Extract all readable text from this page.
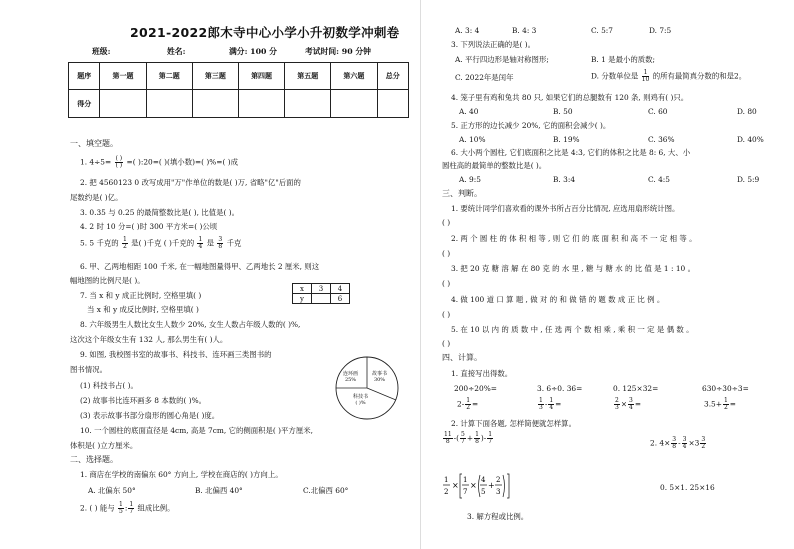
2021-2022郎木寺中心小学小升初数学冲刺卷
班级:	姓名:	满分: 100 分	考试时间: 90 分钟
题序	第一题	第二题	第三题	第四题	第五题	第六题	总分
得分							
一、填空题。
1. $4\div 5= \frac{( )}{( )}$ =( ):20=( )(填小数)=( )%=( )成
2. 把 4560123 0 改写成用"万"作单位的数是( )万, 省略"亿"后面的
尾数约是( )亿。
3. 0.35 与 0.25 的最简整数比是( ), 比值是( )。
4. 2 时 10 分=( )时 300 平方米=( )公顷
5. 5 千克的 $\frac{1}{2}$ 是( )千克 ( )千克的 $\frac{1}{4}$ 是 $\frac{3}{8}$ 千克
6. 甲、乙两地相距 100 千米, 在一幅地图量得甲、乙两地长 2 厘米, 则这
幅地图的比例尺是( )。
7. 当 x 和 y 成正比例时, 空格里填( )
当 x 和 y 成反比例时, 空格里填( )
x	3	4
y		6
8. 六年级男生人数比女生人数少 20%, 女生人数占年级人数的( )%,
这次这个年级女生有 132 人, 那么男生有( )人。
9. 如图, 我校图书室的故事书、科技书、连环画三类图书的
图书情况。
(1) 科技书占( )。
(2) 故事书比连环画多 8 本数的( )%。
(3) 表示故事书部分扇形的圆心角是( )度。
连环画
25%
故事书
30%
科技书
( )%
10. 一个圆柱的底面直径是 4cm, 高是 7cm, 它的侧面积是( )平方厘米,
体积是( )立方厘米。
二、选择题。
1. 商店在学校的南偏东 60° 方向上, 学校在商店的( )方向上。
A. 北偏东 50°	B. 北偏西 40°	C.北偏西 60°
2. ( ) 能与 $\frac{1}{5}$ : $\frac{1}{7}$ 组成比例。
A. 3: 4	B. 4: 3	C. 5:7	D. 7:5
3. 下列说法正确的是( )。
A. 平行四边形是轴对称图形;	B. 1 是最小的质数;
C. 2022年是闰年	D. 分数单位是 $\frac{1}{10}$ 的所有最简真分数的和是2。
4. 笼子里有鸡和兔共 80 只, 如果它们的总腿数有 120 条, 则鸡有( )只。
A. 40	B. 50	C. 60	D. 80
5. 正方形的边长减少 20%, 它的面积会减少( )。
A. 10%	B. 19%	C. 36%	D. 40%
6. 大小两个圆柱, 它们底面积之比是 4:3, 它们的体积之比是 8: 6, 大、小
圆柱高的最简单的整数比是( )。
A. 9:5	B. 3:4	C. 4:5	D. 5:9
三、判断。
1. 要统计同学们喜欢看的课外书所占百分比情况, 应选用扇形统计图。
( )
2. 两 个 圆 柱 的 体 积 相 等 , 则 它 们 的 底 面 积 和 高 不 一 定 相 等 。
( )
3. 把 20 克 糖 溶 解 在 80 克 的 水 里 , 糖 与 糖 水 的 比 值 是 1 : 10 。
( )
4. 做 100 道 口 算 题 , 做 对 的 和 做 错 的 题 数 成 正 比 例 。
( )
5. 在 10 以 内 的 质 数 中 , 任 选 两 个 数 相 乘 , 乘 积 一 定 是 偶 数 。
( )
四、计算。
1. 直接写出得数。
200÷20%=	3. 6÷0. 36=	0. 125×32=	630÷30÷3=
$2- \frac{1}{2}$ =	$\frac{1}{3} - \frac{1}{4}$ =	$\frac{2}{3} \times \frac{3}{4}$ =	$3.5+ \frac{1}{2}$ =
2. 计算下面各题, 怎样简便就怎样算。
$\frac{11}{8}$ -( $\frac{5}{7} + \frac{1}{8}$ )- $\frac{1}{7}$	2. $4\times \frac{3}{8} - \frac{3}{4} \times 3 \frac{3}{2}$
1
2
×
1
7
×
4
5
+
2
3	0. 5×1. 25×16
3. 解方程或比例。
